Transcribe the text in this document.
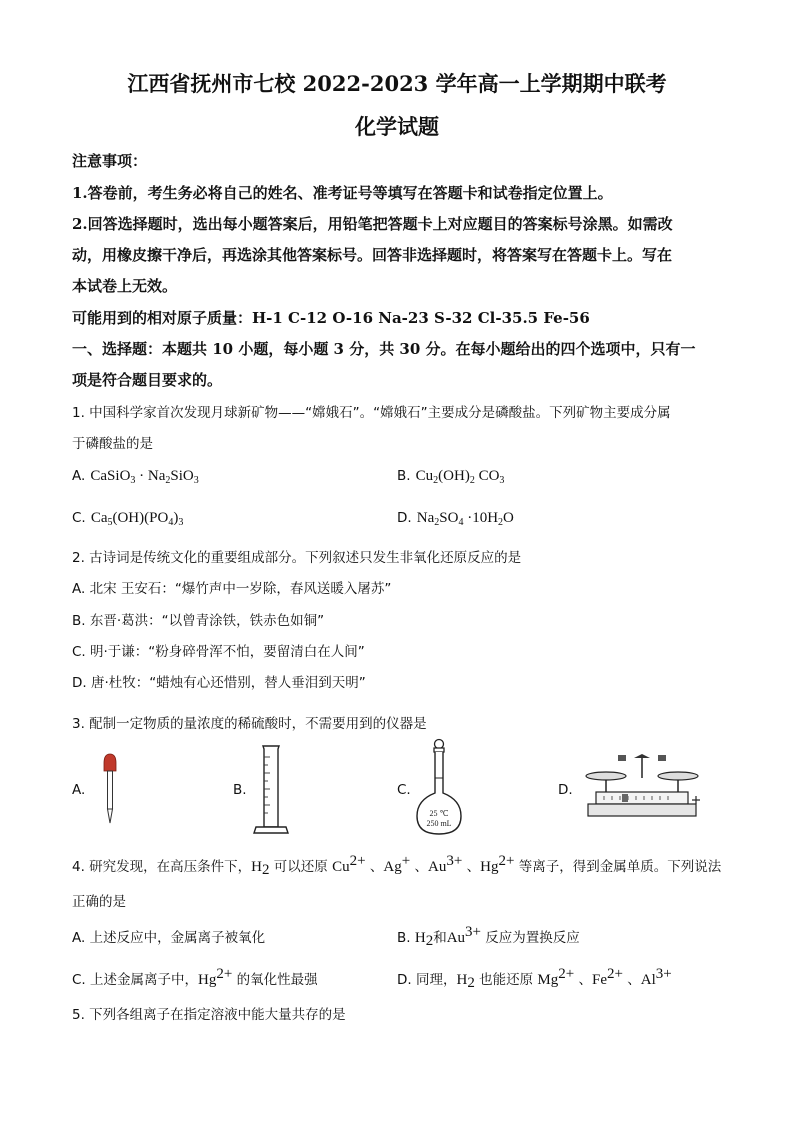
江西省抚州市七校 2022-2023 学年高一上学期期中联考
化学试题
注意事项：
1.答卷前，考生务必将自己的姓名、准考证号等填写在答题卡和试卷指定位置上。
2.回答选择题时，选出每小题答案后，用铅笔把答题卡上对应题目的答案标号涂黑。如需改
动，用橡皮擦干净后，再选涂其他答案标号。回答非选择题时，将答案写在答题卡上。写在
本试卷上无效。
可能用到的相对原子质量：H-1 C-12 O-16 Na-23 S-32 Cl-35.5 Fe-56
一、选择题：本题共 10 小题，每小题 3 分，共 30 分。在每小题给出的四个选项中，只有一
项是符合题目要求的。
1. 中国科学家首次发现月球新矿物——“嫦娥石”。“嫦娥石”主要成分是磷酸盐。下列矿物主要成分属
于磷酸盐的是
A. CaSiO$_3$ · $Na_2SiO_3$	B. $Cu_2(OH)_2$ $CO_3$
C. $Ca_5(OH)(PO_4)_3$	D. $Na_2SO_4 \cdot 10H_2O$
2. 古诗词是传统文化的重要组成部分。下列叙述只发生非氧化还原反应的是
A. 北宋 王安石：“爆竹声中一岁除，春风送暖入屠苏”
B. 东晋·葛洪：“以曾青涂铁，铁赤色如铜”
C. 明·于谦：“粉身碎骨浑不怕，要留清白在人间”
D. 唐·杜牧：“蜡烛有心还惜别，替人垂泪到天明”
3. 配制一定物质的量浓度的稀硫酸时，不需要用到的仪器是
A.	B.	C.
25 ℃
250 mL
D.
4. 研究发现，在高压条件下，$H_2$ 可以还原 $Cu^{2+}$ 、Ag+ 、$Au^{3+}$ 、$Hg^{2+}$ 等离子，得到金属单质。下列说法
正确的是
A. 上述反应中，金属离子被氧化	B. $H_2$和$Au^{3+}$ 反应为置换反应
C. 上述金属离子中，$Hg^{2+}$ 的氧化性最强	D. 同理，$H_2$ 也能还原 $Mg^{2+}$ 、$Fe^{2+}$ 、$Al^{3+}$
5. 下列各组离子在指定溶液中能大量共存的是
